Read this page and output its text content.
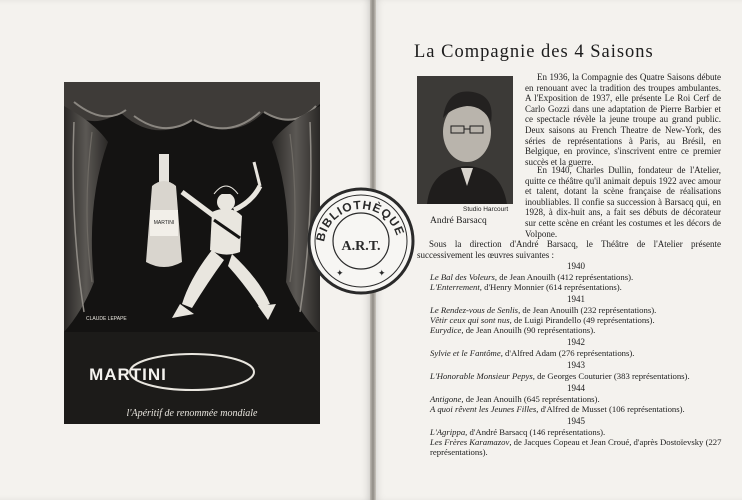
MARTINI
MARTINI
l'Apéritif de renommée mondiale
CLAUDE LEPAPE
La Compagnie des 4 Saisons
Studio Harcourt
André Barsacq
En 1936, la Compagnie des Quatre Saisons débute en renouant avec la tradition des troupes ambulantes. A l'Exposition de 1937, elle présente Le Roi Cerf de Carlo Gozzi dans une adaptation de Pierre Barbier et ce spectacle révèle la jeune troupe au grand public. Deux saisons au French Theatre de New-York, des séries de représentations à Paris, au Brésil, en Belgique, en province, s'inscrivent entre ce premier succès et la guerre.
En 1940, Charles Dullin, fondateur de l'Atelier, quitte ce théâtre qu'il animait depuis 1922 avec amour et talent, dotant la scène française de réalisations inoubliables. Il confie sa succession à Barsacq qui, en 1928, à dix-huit ans, a fait ses débuts de décorateur sur cette scène en créant les costumes et les décors de Volpone.
Sous la direction d'André Barsacq, le Théâtre de l'Atelier présente successivement les œuvres suivantes :
1940
Le Bal des Voleurs, de Jean Anouilh (412 représentations).
L'Enterrement, d'Henry Monnier (614 représentations).
1941
Le Rendez-vous de Senlis, de Jean Anouilh (232 représentations).
Vêtir ceux qui sont nus, de Luigi Pirandello (49 représentations).
Eurydice, de Jean Anouilh (90 représentations).
1942
Sylvie et le Fantôme, d'Alfred Adam (276 représentations).
1943
L'Honorable Monsieur Pepys, de Georges Couturier (383 représentations).
1944
Antigone, de Jean Anouilh (645 représentations).
A quoi rêvent les Jeunes Filles, d'Alfred de Musset (106 représentations).
1945
L'Agrippa, d'André Barsacq (146 représentations).
Les Frères Karamazov, de Jacques Copeau et Jean Croué, d'après Dostoïevsky (227 représentations).
BIBLIOTHÈQUE
A.R.T.
✦	✦
